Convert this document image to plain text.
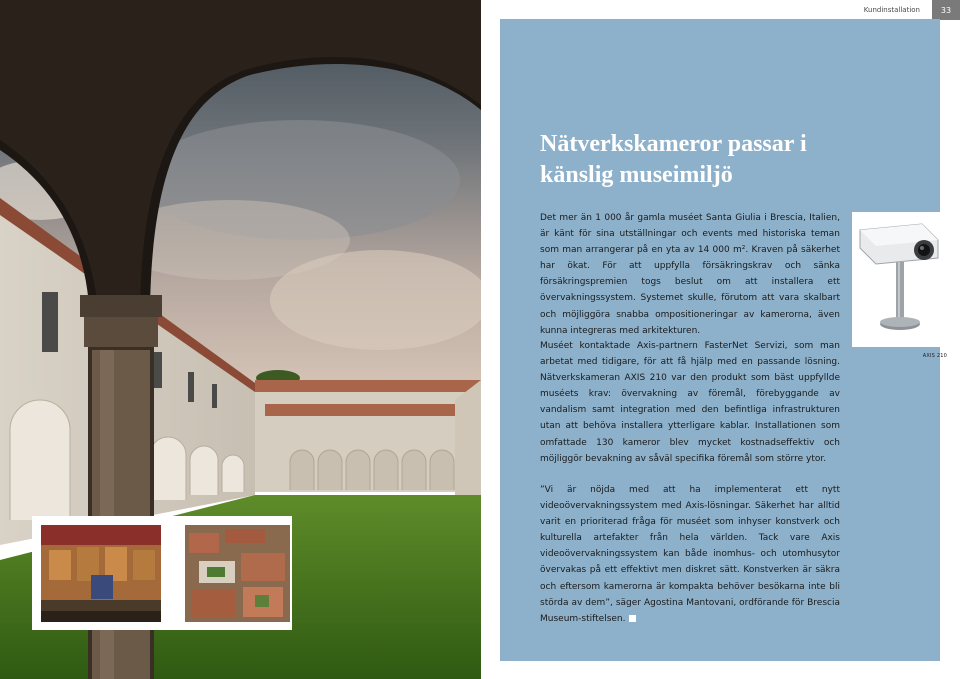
Kundinstallation	33
Nätverkskameror passar i känslig museimiljö

Det mer än 1 000 år gamla muséet Santa Giulia i Brescia, Italien, är känt för sina utställningar och events med historiska teman som man arrangerar på en yta av 14 000 m². Kraven på säkerhet har ökat. För att uppfylla försäkringskrav och sänka försäkringspremien togs beslut om att installera ett övervakningssystem. Systemet skulle, förutom att vara skalbart och möjliggöra snabba ompositioneringar av kamerorna, även kunna integreras med arkitekturen.

Muséet kontaktade Axis-partnern FasterNet Servizi, som man arbetat med tidigare, för att få hjälp med en passande lösning. Nätverkskameran AXIS 210 var den produkt som bäst uppfyllde muséets krav: övervakning av föremål, förebyggande av vandalism samt integration med den befintliga infrastrukturen utan att behöva installera ytterligare kablar. Installationen som omfattade 130 kameror blev mycket kostnadseffektiv och möjliggör bevakning av såväl specifika föremål som större ytor.

”Vi är nöjda med att ha implementerat ett nytt videoövervakningssystem med Axis-lösningar. Säkerhet har alltid varit en prioriterad fråga för muséet som inhyser konstverk och kulturella artefakter från hela världen. Tack vare Axis videoövervakningssystem kan både inomhus- och utomhusytor övervakas på ett effektivt men diskret sätt. Konstverken är säkra och eftersom kamerorna är kompakta behöver besökarna inte bli störda av dem”, säger Agostina Mantovani, ordförande för Brescia Museum-stiftelsen.

AXIS 210
